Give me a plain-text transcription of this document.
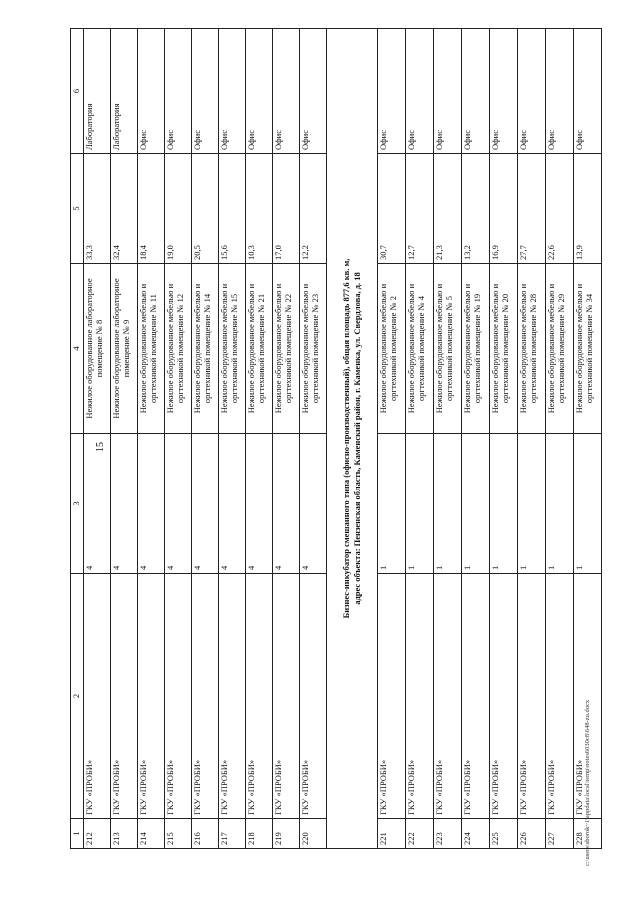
15
1	2	3	4	5	6
212	ГКУ «ПРОБИ»	4	Нежилое оборудованное лабораторное помещение № 8	33,3	Лаборатория
213	ГКУ «ПРОБИ»	4	Нежилое оборудованное лабораторное помещение № 9	32,4	Лаборатория
214	ГКУ «ПРОБИ»	4	Нежилое оборудованное мебелью и оргтехникой помещение № 11	18,4	Офис
215	ГКУ «ПРОБИ»	4	Нежилое оборудованное мебелью и оргтехникой помещение № 12	19,0	Офис
216	ГКУ «ПРОБИ»	4	Нежилое оборудованное мебелью и оргтехникой помещение № 14	20,5	Офис
217	ГКУ «ПРОБИ»	4	Нежилое оборудованное мебелью и оргтехникой помещение № 15	15,6	Офис
218	ГКУ «ПРОБИ»	4	Нежилое оборудованное мебелью и оргтехникой помещение № 21	10,3	Офис
219	ГКУ «ПРОБИ»	4	Нежилое оборудованное мебелью и оргтехникой помещение № 22	17,0	Офис
220	ГКУ «ПРОБИ»	4	Нежилое оборудованное мебелью и оргтехникой помещение № 23	12,2	Офис

Бизнес-инкубатор смешанного типа (офисно-производственный), общая площадь 877,6 кв. м, адрес объекта: Пензенская область, Каменский район, г. Каменка, ул. Свердлова, д. 18					

221	ГКУ «ПРОБИ»	1	Нежилое оборудованное мебелью и оргтехникой помещение № 2	30,7	Офис
222	ГКУ «ПРОБИ»	1	Нежилое оборудованное мебелью и оргтехникой помещение № 4	12,7	Офис
223	ГКУ «ПРОБИ»	1	Нежилое оборудованное мебелью и оргтехникой помещение № 5	21,3	Офис
224	ГКУ «ПРОБИ»	1	Нежилое оборудованное мебелью и оргтехникой помещение № 19	13,2	Офис
225	ГКУ «ПРОБИ»	1	Нежилое оборудованное мебелью и оргтехникой помещение № 20	16,9	Офис
226	ГКУ «ПРОБИ»	1	Нежилое оборудованное мебелью и оргтехникой помещение № 28	27,7	Офис
227	ГКУ «ПРОБИ»	1	Нежилое оборудованное мебелью и оргтехникой помещение № 29	22,6	Офис
228	ГКУ «ПРОБИ»	1	Нежилое оборудованное мебелью и оргтехникой помещение № 34	13,9	Офис
c:\users\sborok~1\appdata\local\temp\notes6030c8\648-zu.docx
